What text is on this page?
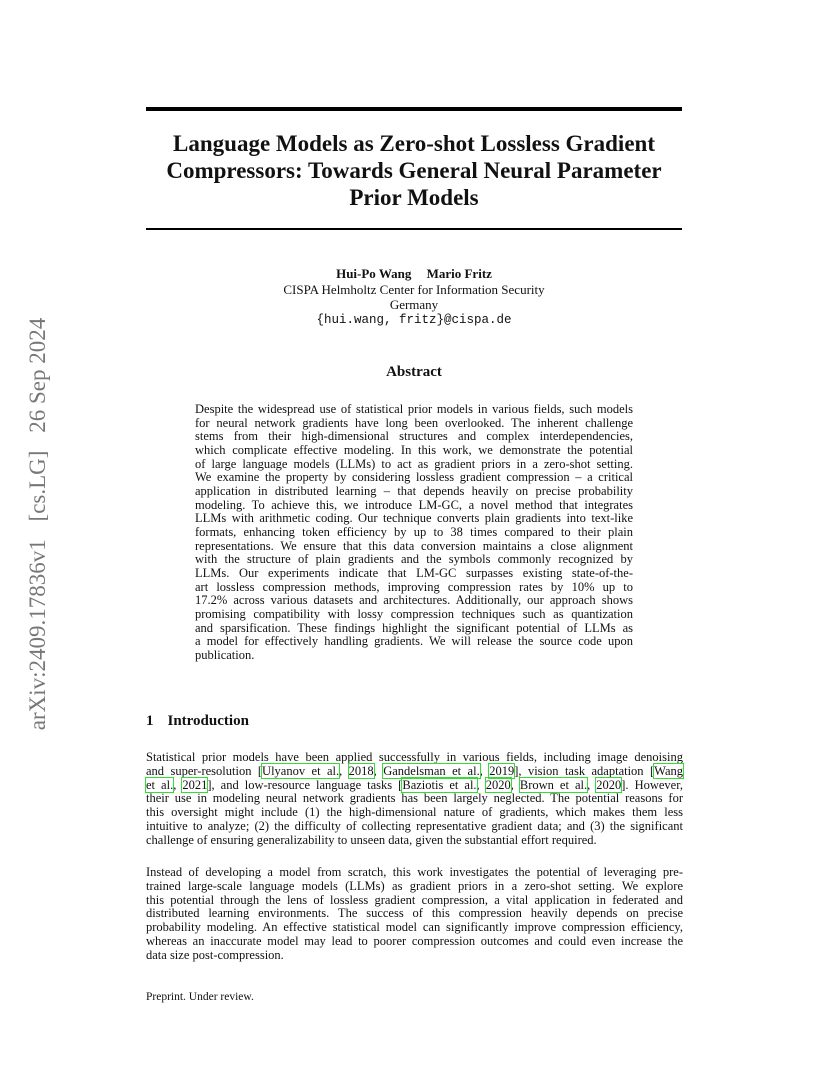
arXiv:2409.17836v1 [cs.LG] 26 Sep 2024
Language Models as Zero-shot Lossless Gradient
Compressors: Towards General Neural Parameter
Prior Models
Hui-Po Wang Mario Fritz
CISPA Helmholtz Center for Information Security
Germany
{hui.wang, fritz}@cispa.de
Abstract
Despite the widespread use of statistical prior models in various fields, such models
for neural network gradients have long been overlooked. The inherent challenge
stems from their high-dimensional structures and complex interdependencies,
which complicate effective modeling. In this work, we demonstrate the potential
of large language models (LLMs) to act as gradient priors in a zero-shot setting.
We examine the property by considering lossless gradient compression – a critical
application in distributed learning – that depends heavily on precise probability
modeling. To achieve this, we introduce LM-GC, a novel method that integrates
LLMs with arithmetic coding. Our technique converts plain gradients into text-like
formats, enhancing token efficiency by up to 38 times compared to their plain
representations. We ensure that this data conversion maintains a close alignment
with the structure of plain gradients and the symbols commonly recognized by
LLMs. Our experiments indicate that LM-GC surpasses existing state-of-the-
art lossless compression methods, improving compression rates by 10% up to
17.2% across various datasets and architectures. Additionally, our approach shows
promising compatibility with lossy compression techniques such as quantization
and sparsification. These findings highlight the significant potential of LLMs as
a model for effectively handling gradients. We will release the source code upon
publication.
1 Introduction
Statistical prior models have been applied successfully in various fields, including image denoising
and super-resolution [Ulyanov et al., 2018, Gandelsman et al., 2019], vision task adaptation [Wang
et al., 2021], and low-resource language tasks [Baziotis et al., 2020, Brown et al., 2020]. However,
their use in modeling neural network gradients has been largely neglected. The potential reasons for
this oversight might include (1) the high-dimensional nature of gradients, which makes them less
intuitive to analyze; (2) the difficulty of collecting representative gradient data; and (3) the significant
challenge of ensuring generalizability to unseen data, given the substantial effort required.
Instead of developing a model from scratch, this work investigates the potential of leveraging pre-
trained large-scale language models (LLMs) as gradient priors in a zero-shot setting. We explore
this potential through the lens of lossless gradient compression, a vital application in federated and
distributed learning environments. The success of this compression heavily depends on precise
probability modeling. An effective statistical model can significantly improve compression efficiency,
whereas an inaccurate model may lead to poorer compression outcomes and could even increase the
data size post-compression.
Preprint. Under review.
